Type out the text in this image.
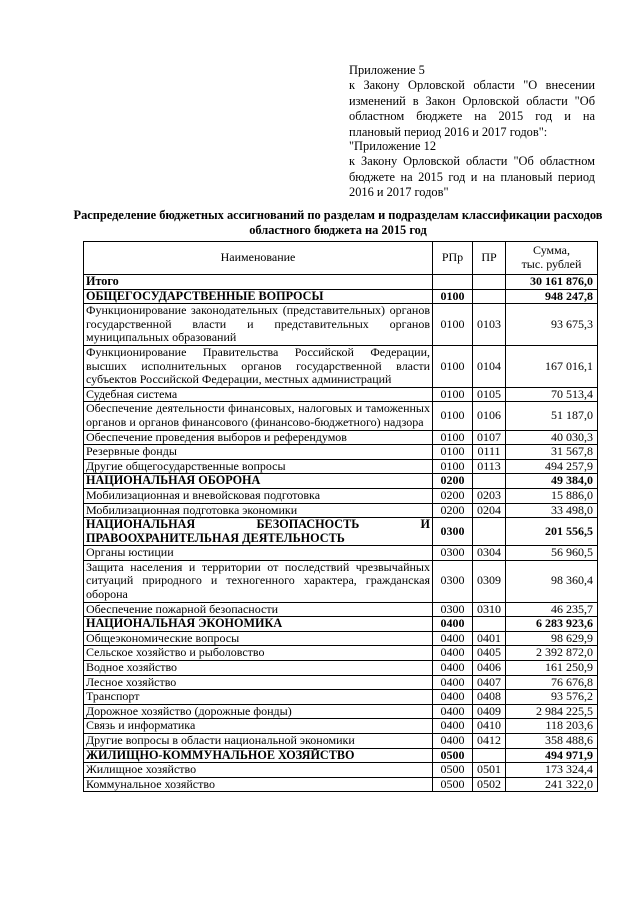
Приложение 5
к Закону Орловской области "О внесении изменений в Закон Орловской области "Об областном бюджете на 2015 год и на плановый период 2016 и 2017 годов":
"Приложение 12
к Закону Орловской области "Об областном бюджете на 2015 год и на плановый период 2016 и 2017 годов"
Распределение бюджетных ассигнований по разделам и подразделам классификации расходов областного бюджета на 2015 год
Наименование	РПр	ПР	Сумма,
тыс. рублей

Итого			30 161 876,0
ОБЩЕГОСУДАРСТВЕННЫЕ ВОПРОСЫ	0100		948 247,8
Функционирование законодательных (представительных) органов государственной власти и представительных органов муниципальных образований	0100	0103	93 675,3
Функционирование Правительства Российской Федерации, высших исполнительных органов государственной власти субъектов Российской Федерации, местных администраций	0100	0104	167 016,1
Судебная система	0100	0105	70 513,4
Обеспечение деятельности финансовых, налоговых и таможенных органов и органов финансового (финансово-бюджетного) надзора	0100	0106	51 187,0
Обеспечение проведения выборов и референдумов	0100	0107	40 030,3
Резервные фонды	0100	0111	31 567,8
Другие общегосударственные вопросы	0100	0113	494 257,9
НАЦИОНАЛЬНАЯ ОБОРОНА	0200		49 384,0
Мобилизационная и вневойсковая подготовка	0200	0203	15 886,0
Мобилизационная подготовка экономики	0200	0204	33 498,0
НАЦИОНАЛЬНАЯ БЕЗОПАСНОСТЬ И ПРАВООХРАНИТЕЛЬНАЯ ДЕЯТЕЛЬНОСТЬ	0300		201 556,5
Органы юстиции	0300	0304	56 960,5
Защита населения и территории от последствий чрезвычайных ситуаций природного и техногенного характера, гражданская оборона	0300	0309	98 360,4
Обеспечение пожарной безопасности	0300	0310	46 235,7
НАЦИОНАЛЬНАЯ ЭКОНОМИКА	0400		6 283 923,6
Общеэкономические вопросы	0400	0401	98 629,9
Сельское хозяйство и рыболовство	0400	0405	2 392 872,0
Водное хозяйство	0400	0406	161 250,9
Лесное хозяйство	0400	0407	76 676,8
Транспорт	0400	0408	93 576,2
Дорожное хозяйство (дорожные фонды)	0400	0409	2 984 225,5
Связь и информатика	0400	0410	118 203,6
Другие вопросы в области национальной экономики	0400	0412	358 488,6
ЖИЛИЩНО-КОММУНАЛЬНОЕ ХОЗЯЙСТВО	0500		494 971,9
Жилищное хозяйство	0500	0501	173 324,4
Коммунальное хозяйство	0500	0502	241 322,0
